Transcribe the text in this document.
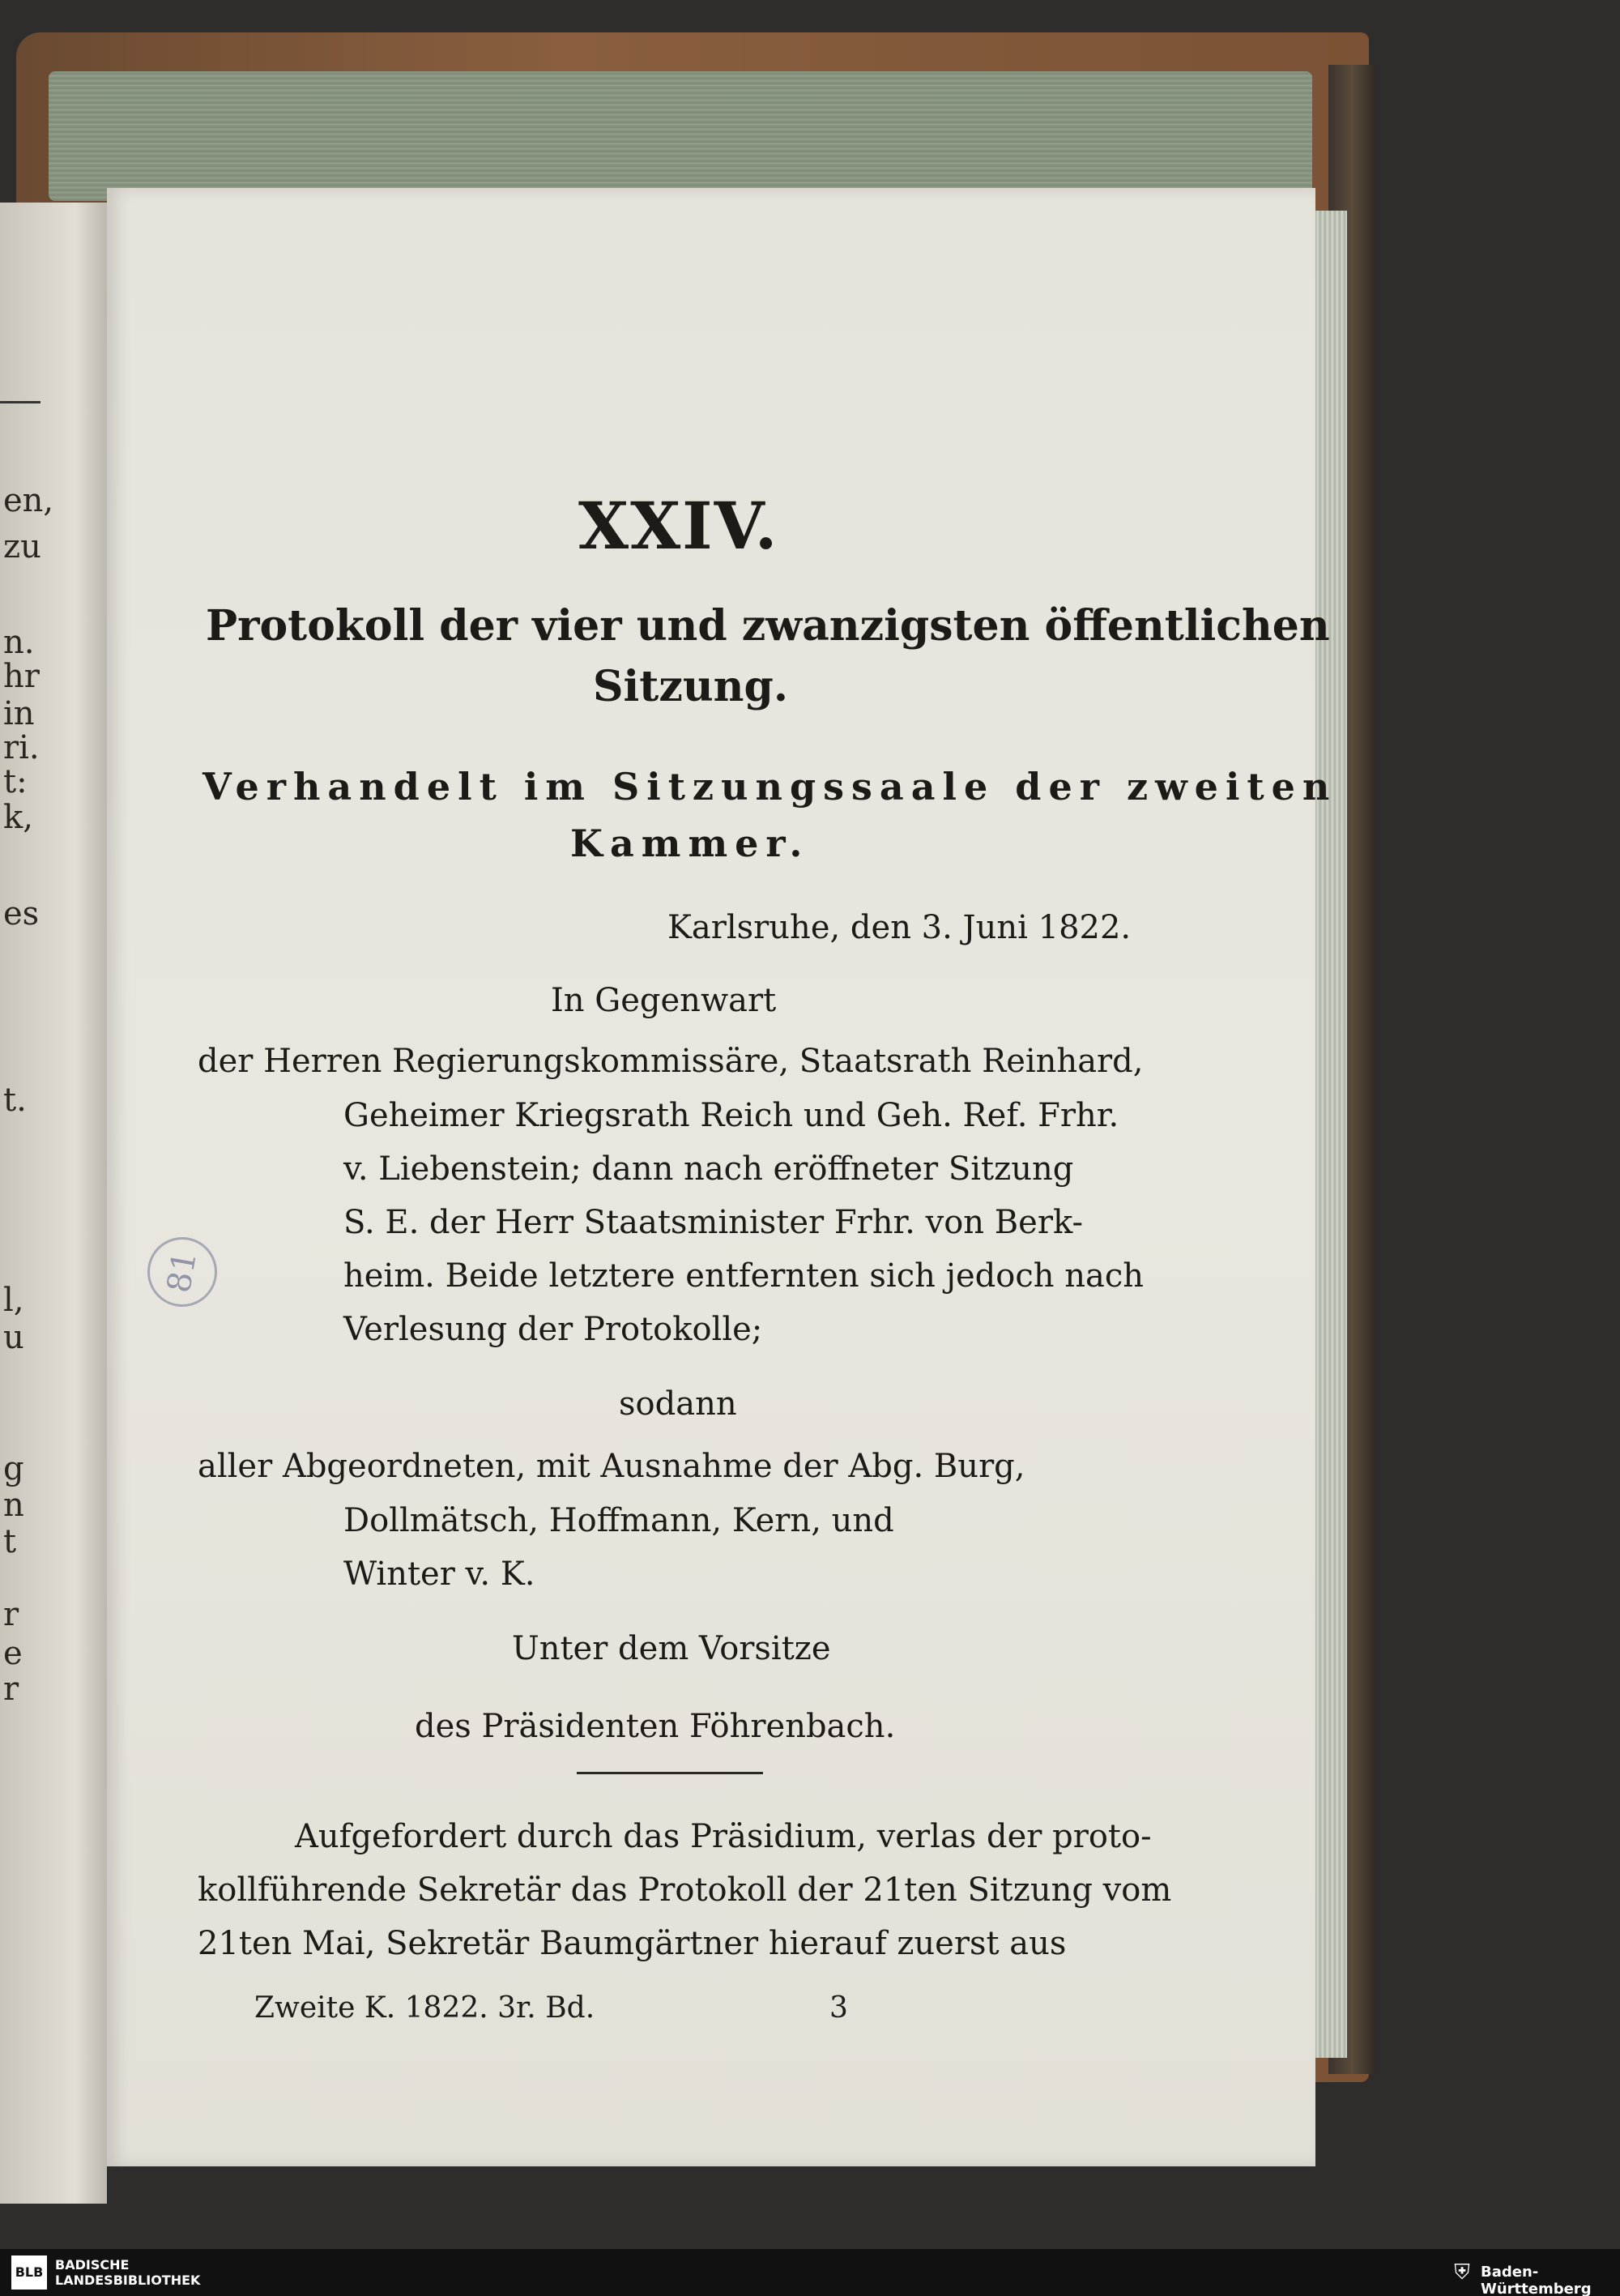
en,
zu
n.
hr
in
ri.
t:
k,
es
t.
l,
u
g
n
t
r
e
r
81
XXIV.
Protokoll der vier und zwanzigsten öffentlichen
Sitzung.
Verhandelt im Sitzungssaale der zweiten
Kammer.
Karlsruhe, den 3. Juni 1822.
In Gegenwart
der Herren Regierungskommissäre, Staatsrath Reinhard,
Geheimer Kriegsrath Reich und Geh. Ref. Frhr.
v. Liebenstein; dann nach eröffneter Sitzung
S. E. der Herr Staatsminister Frhr. von Berk-
heim. Beide letztere entfernten sich jedoch nach
Verlesung der Protokolle;
sodann
aller Abgeordneten, mit Ausnahme der Abg. Burg,
Dollmätsch, Hoffmann, Kern, und
Winter v. K.
Unter dem Vorsitze
des Präsidenten Föhrenbach.
Aufgefordert durch das Präsidium, verlas der proto-
kollführende Sekretär das Protokoll der 21ten Sitzung vom
21ten Mai, Sekretär Baumgärtner hierauf zuerst aus
Zweite K. 1822. 3r. Bd.	3
BLB BADISCHE
LANDESBIBLIOTHEK	⛨ Baden-Württemberg
